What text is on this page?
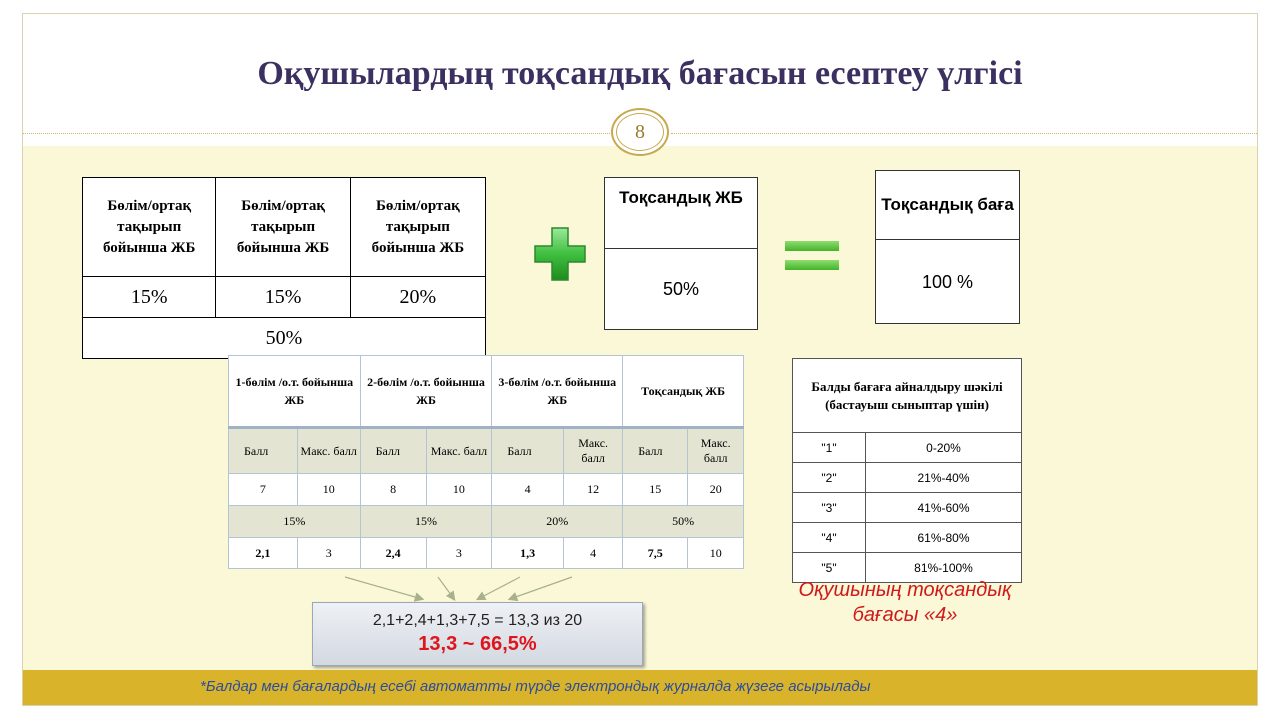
Оқушылардың тоқсандық бағасын есептеу үлгісі
8
Бөлім/ортақ тақырып бойынша ЖБ	Бөлім/ортақ тақырып бойынша ЖБ	Бөлім/ортақ тақырып бойынша ЖБ
15%	15%	20%
50%		
Тоқсандық ЖБ
50%
Тоқсандық баға
100 %
1-бөлім /о.т. бойынша ЖБ		2-бөлім /о.т. бойынша ЖБ		3-бөлім /о.т. бойынша ЖБ		Тоқсандық ЖБ	
Балл	Макс. балл	Балл	Макс. балл	Балл	Макс. балл	Балл	Макс. балл
7	10	8	10	4	12	15	20
15%		15%		20%		50%	
2,1	3	2,4	3	1,3	4	7,5	10
Балды бағаға айналдыру шәкілі (бастауыш сыныптар үшін)	
"1"	0-20%
"2"	21%-40%
"3"	41%-60%
"4"	61%-80%
"5"	81%-100%
Оқушының тоқсандық бағасы «4»
2,1+2,4+1,3+7,5 = 13,3 из 20
13,3 ~ 66,5%
*Балдар мен бағалардың есебі автоматты түрде электрондық журналда жүзеге асырылады
